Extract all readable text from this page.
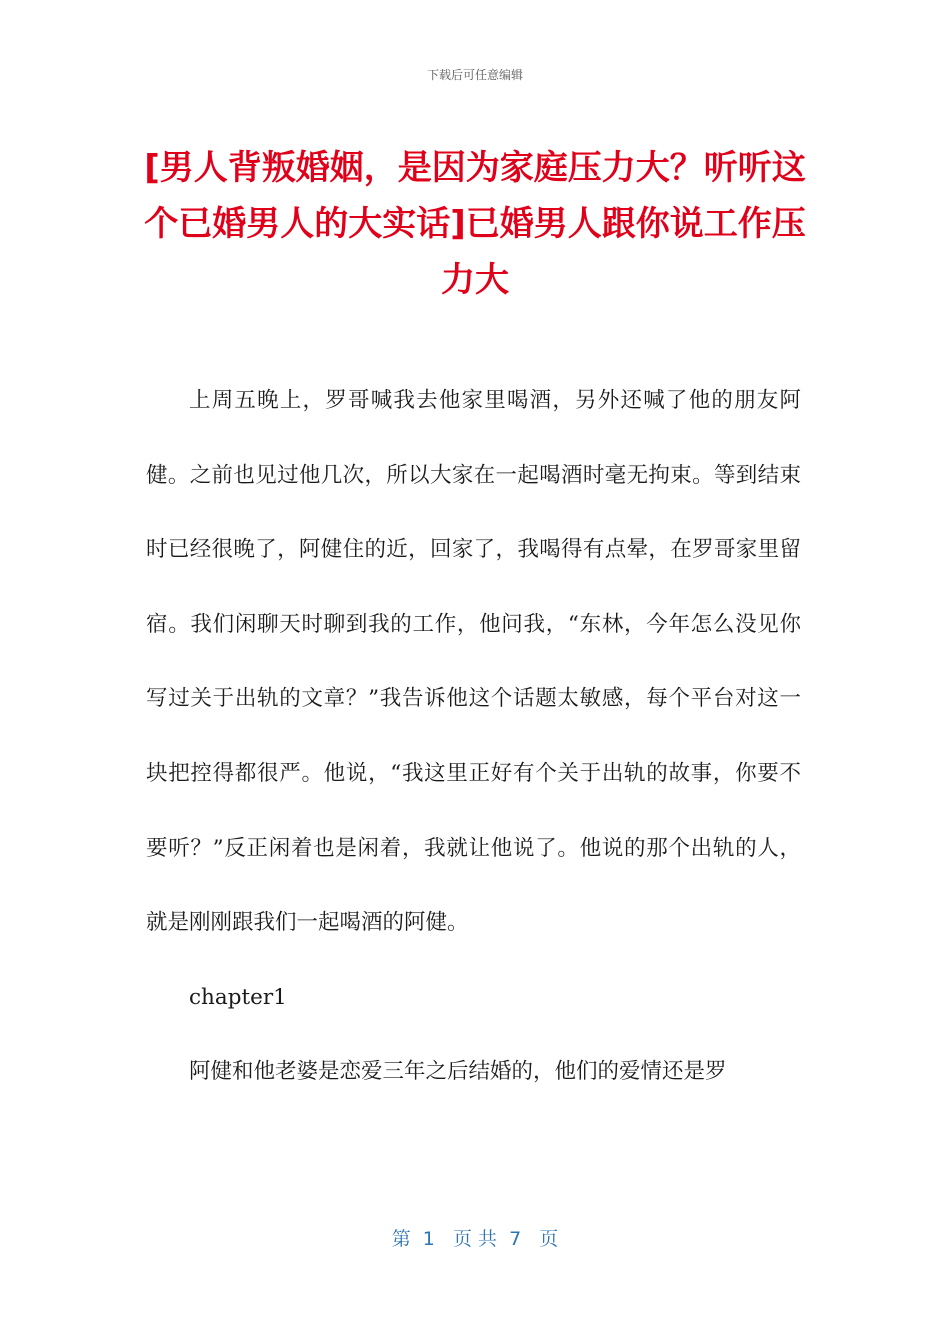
下载后可任意编辑
[男人背叛婚姻，是因为家庭压力大？听听这个已婚男人的大实话]已婚男人跟你说工作压力大

上周五晚上，罗哥喊我去他家里喝酒，另外还喊了他的朋友阿健。之前也见过他几次，所以大家在一起喝酒时毫无拘束。等到结束时已经很晚了，阿健住的近，回家了，我喝得有点晕，在罗哥家里留宿。我们闲聊天时聊到我的工作，他问我，“东林，今年怎么没见你写过关于出轨的文章？”我告诉他这个话题太敏感，每个平台对这一块把控得都很严。他说，“我这里正好有个关于出轨的故事，你要不要听？”反正闲着也是闲着，我就让他说了。他说的那个出轨的人，就是刚刚跟我们一起喝酒的阿健。

chapter1

阿健和他老婆是恋爱三年之后结婚的，他们的爱情还是罗

第  1   页 共  7   页
